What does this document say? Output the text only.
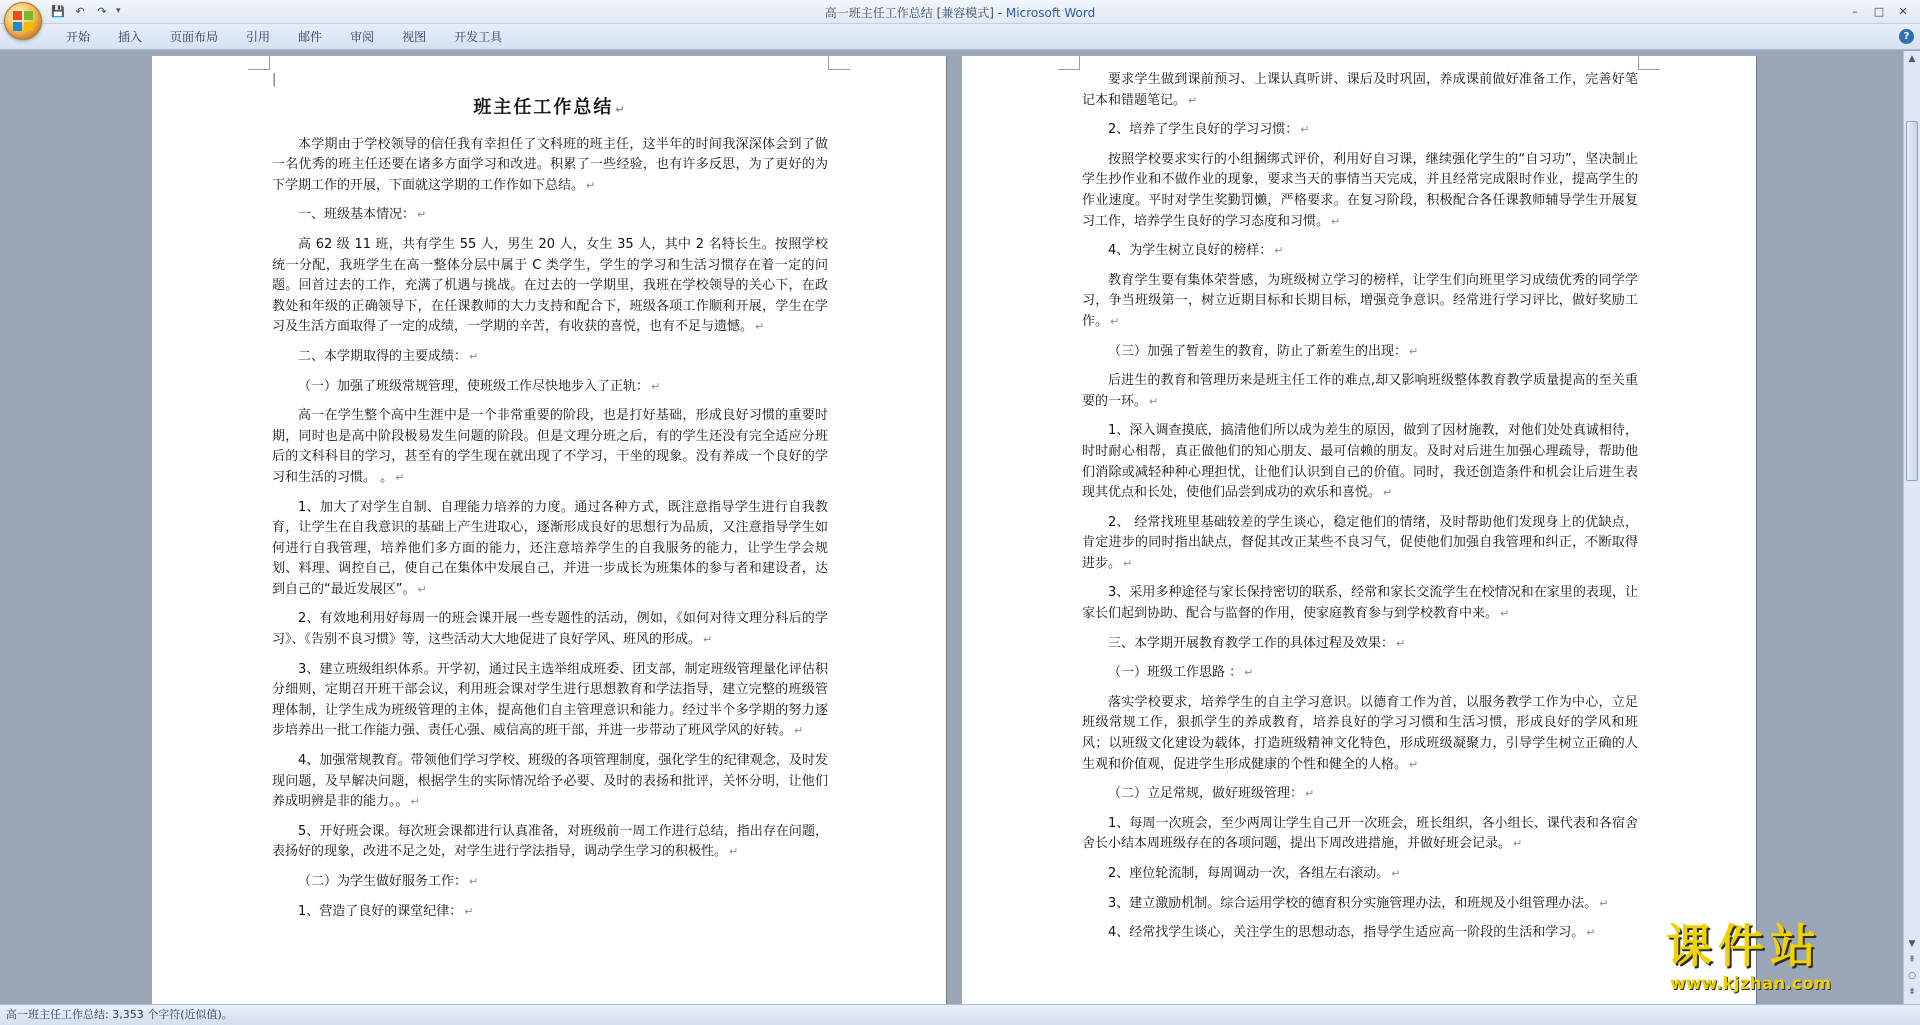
💾 ↶	↷	▾	高一班主任工作总结 [兼容模式] - Microsoft Word	–	□	✕
开始	插入	页面布局	引用	邮件	审阅	视图	开发工具	?
|
班主任工作总结 ↵
本学期由于学校领导的信任我有幸担任了文科班的班主任，这半年的时间我深深体会到了做一名优秀的班主任还要在诸多方面学习和改进。积累了一些经验，也有许多反思，为了更好的为下学期工作的开展，下面就这学期的工作作如下总结。 ↵
一、班级基本情况： ↵
高 62 级 11 班，共有学生 55 人，男生 20 人，女生 35 人，其中 2 名特长生。按照学校统一分配，我班学生在高一整体分层中属于 C 类学生，学生的学习和生活习惯存在着一定的问题。回首过去的工作，充满了机遇与挑战。在过去的一学期里，我班在学校领导的关心下，在政教处和年级的正确领导下，在任课教师的大力支持和配合下，班级各项工作顺利开展，学生在学习及生活方面取得了一定的成绩，一学期的辛苦，有收获的喜悦，也有不足与遗憾。 ↵
二、本学期取得的主要成绩： ↵
（一）加强了班级常规管理，使班级工作尽快地步入了正轨： ↵
高一在学生整个高中生涯中是一个非常重要的阶段，也是打好基础，形成良好习惯的重要时期，同时也是高中阶段极易发生问题的阶段。但是文理分班之后，有的学生还没有完全适应分班后的文科科目的学习，甚至有的学生现在就出现了不学习，干坐的现象。没有养成一个良好的学习和生活的习惯。 。 ↵
1、加大了对学生自制、自理能力培养的力度。通过各种方式，既注意指导学生进行自我教育，让学生在自我意识的基础上产生进取心，逐渐形成良好的思想行为品质，又注意指导学生如何进行自我管理，培养他们多方面的能力，还注意培养学生的自我服务的能力，让学生学会规划、料理、调控自己，使自己在集体中发展自己，并进一步成长为班集体的参与者和建设者，达到自己的“最近发展区”。 ↵
2、有效地利用好每周一的班会课开展一些专题性的活动，例如，《如何对待文理分科后的学习》、《告别不良习惯》等，这些活动大大地促进了良好学风、班风的形成。 ↵
3、建立班级组织体系。开学初，通过民主选举组成班委、团支部，制定班级管理量化评估积分细则，定期召开班干部会议，利用班会课对学生进行思想教育和学法指导，建立完整的班级管理体制，让学生成为班级管理的主体，提高他们自主管理意识和能力。经过半个多学期的努力逐步培养出一批工作能力强、责任心强、威信高的班干部，并进一步带动了班风学风的好转。 ↵
4、加强常规教育。带领他们学习学校、班级的各项管理制度，强化学生的纪律观念，及时发现问题，及早解决问题，根据学生的实际情况给予必要、及时的表扬和批评，关怀分明，让他们养成明辨是非的能力。。 ↵
5、开好班会课。每次班会课都进行认真准备，对班级前一周工作进行总结，指出存在问题，表扬好的现象，改进不足之处，对学生进行学法指导，调动学生学习的积极性。 ↵
（二）为学生做好服务工作： ↵
1、营造了良好的课堂纪律： ↵
要求学生做到课前预习、上课认真听讲、课后及时巩固，养成课前做好准备工作，完善好笔记本和错题笔记。 ↵
2、培养了学生良好的学习习惯： ↵
按照学校要求实行的小组捆绑式评价，利用好自习课，继续强化学生的“自习功”，坚决制止学生抄作业和不做作业的现象，要求当天的事情当天完成，并且经常完成限时作业，提高学生的作业速度。平时对学生奖勤罚懒，严格要求。在复习阶段，积极配合各任课教师辅导学生开展复习工作，培养学生良好的学习态度和习惯。 ↵
4、为学生树立良好的榜样： ↵
教育学生要有集体荣誉感，为班级树立学习的榜样，让学生们向班里学习成绩优秀的同学学习，争当班级第一，树立近期目标和长期目标，增强竞争意识。经常进行学习评比，做好奖励工作。 ↵
（三）加强了暂差生的教育，防止了新差生的出现： ↵
后进生的教育和管理历来是班主任工作的难点,却又影响班级整体教育教学质量提高的至关重要的一环。 ↵
1、深入调查摸底，搞清他们所以成为差生的原因，做到了因材施教，对他们处处真诚相待，时时耐心相帮，真正做他们的知心朋友、最可信赖的朋友。及时对后进生加强心理疏导，帮助他们消除或减轻种种心理担忧，让他们认识到自己的价值。同时，我还创造条件和机会让后进生表现其优点和长处，使他们品尝到成功的欢乐和喜悦。 ↵
2、 经常找班里基础较差的学生谈心，稳定他们的情绪，及时帮助他们发现身上的优缺点，肯定进步的同时指出缺点，督促其改正某些不良习气，促使他们加强自我管理和纠正，不断取得进步。 ↵
3、采用多种途径与家长保持密切的联系，经常和家长交流学生在校情况和在家里的表现，让家长们起到协助、配合与监督的作用，使家庭教育参与到学校教育中来。 ↵
三、本学期开展教育教学工作的具体过程及效果： ↵
（一）班级工作思路 ： ↵
落实学校要求，培养学生的自主学习意识。以德育工作为首，以服务教学工作为中心，立足班级常规工作，狠抓学生的养成教育，培养良好的学习习惯和生活习惯，形成良好的学风和班风；以班级文化建设为载体，打造班级精神文化特色，形成班级凝聚力，引导学生树立正确的人生观和价值观，促进学生形成健康的个性和健全的人格。 ↵
（二）立足常规，做好班级管理： ↵
1、每周一次班会，至少两周让学生自己开一次班会，班长组织，各小组长、课代表和各宿舍舍长小结本周班级存在的各项问题，提出下周改进措施，并做好班会记录。 ↵
2、座位轮流制，每周调动一次，各组左右滚动。 ↵
3、建立激励机制。综合运用学校的德育积分实施管理办法，和班规及小组管理办法。 ↵
4、经常找学生谈心，关注学生的思想动态，指导学生适应高一阶段的生活和学习。 ↵
▲
▼
⇞
○
⇟
高一班主任工作总结: 3,353 个字符(近似值)。
课件站
www.kjzhan.com
